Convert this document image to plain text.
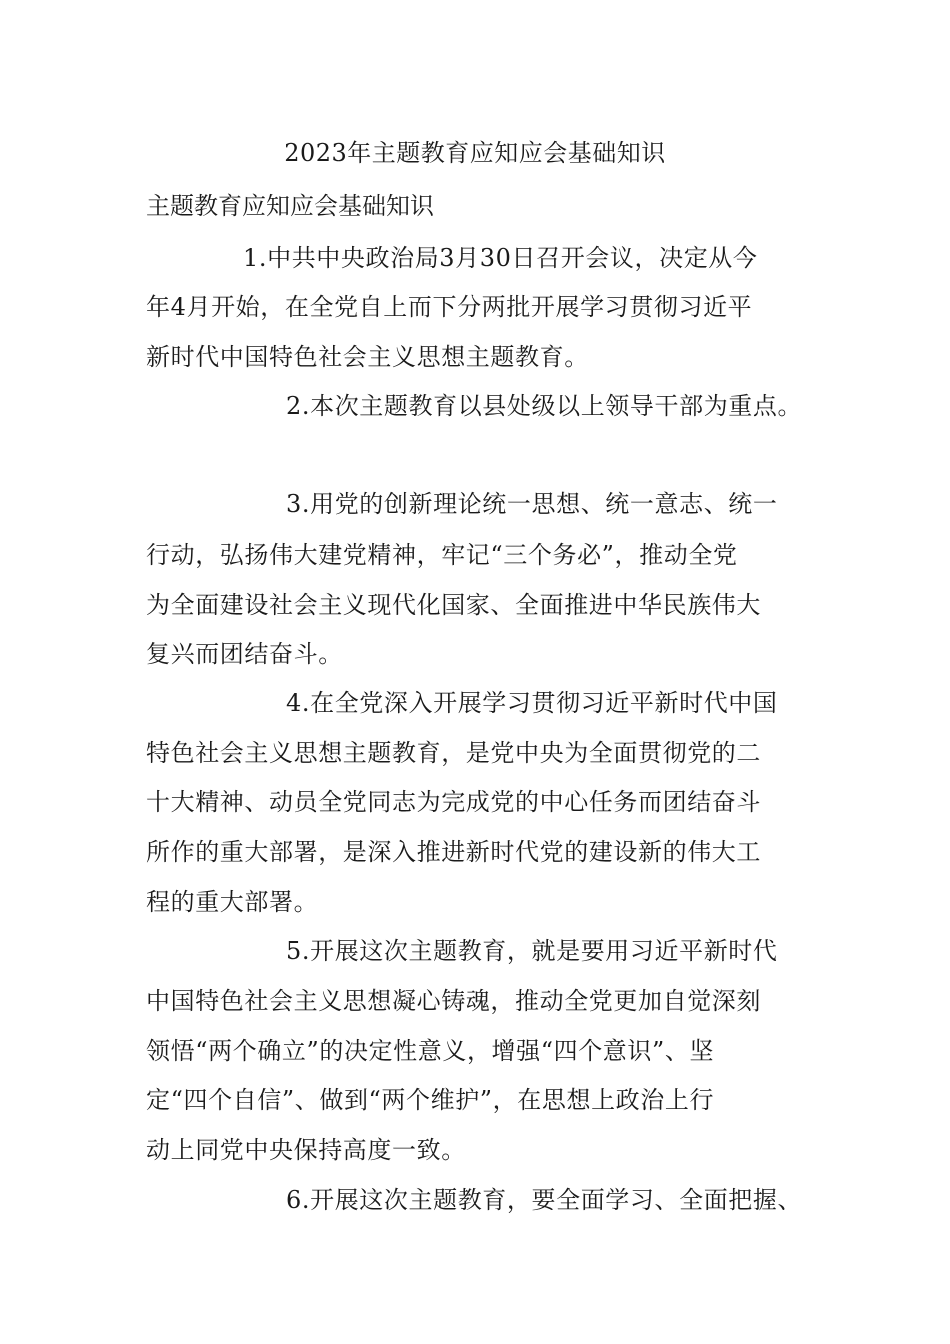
2023年主题教育应知应会基础知识
主题教育应知应会基础知识
1.中共中央政治局3月30日召开会议，决定从今
年4月开始，在全党自上而下分两批开展学习贯彻习近平
新时代中国特色社会主义思想主题教育。
2.本次主题教育以县处级以上领导干部为重点。
3.用党的创新理论统一思想、统一意志、统一
行动，弘扬伟大建党精神，牢记“三个务必”，推动全党
为全面建设社会主义现代化国家、全面推进中华民族伟大
复兴而团结奋斗。
4.在全党深入开展学习贯彻习近平新时代中国
特色社会主义思想主题教育，是党中央为全面贯彻党的二
十大精神、动员全党同志为完成党的中心任务而团结奋斗
所作的重大部署，是深入推进新时代党的建设新的伟大工
程的重大部署。
5.开展这次主题教育，就是要用习近平新时代
中国特色社会主义思想凝心铸魂，推动全党更加自觉深刻
领悟“两个确立”的决定性意义，增强“四个意识”、坚
定“四个自信”、做到“两个维护”，在思想上政治上行
动上同党中央保持高度一致。
6.开展这次主题教育，要全面学习、全面把握、
